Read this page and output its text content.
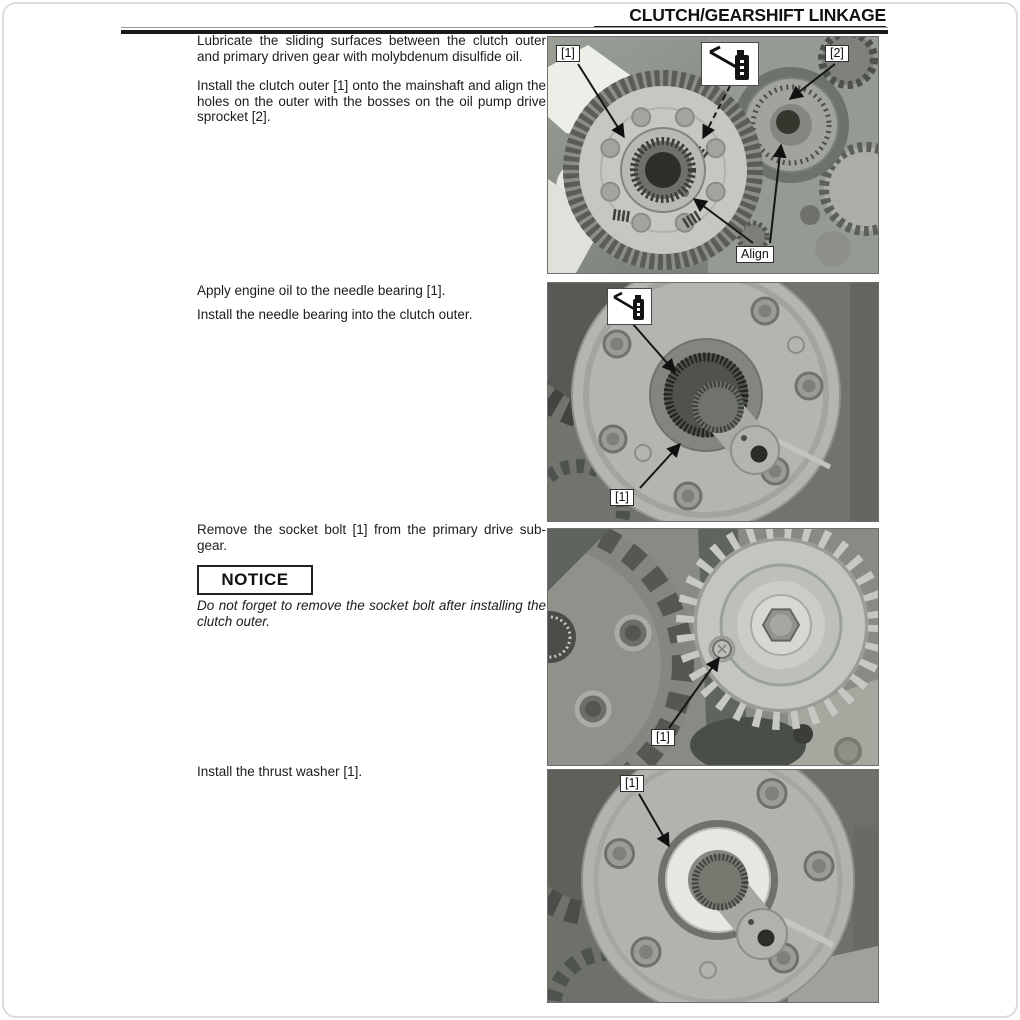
CLUTCH/GEARSHIFT LINKAGE

Lubricate the sliding surfaces between the clutch outer and primary driven gear with molybdenum disulfide oil.

Install the clutch outer [1] onto the mainshaft and align the holes on the outer with the bosses on the oil pump drive sprocket [2].

Apply engine oil to the needle bearing [1].

Install the needle bearing into the clutch outer.

Remove the socket bolt [1] from the primary drive sub-gear.

NOTICE

Do not forget to remove the socket bolt after installing the clutch outer.

Install the thrust washer [1].

[1]	[2]
Align
[1]
[1]
[1]
